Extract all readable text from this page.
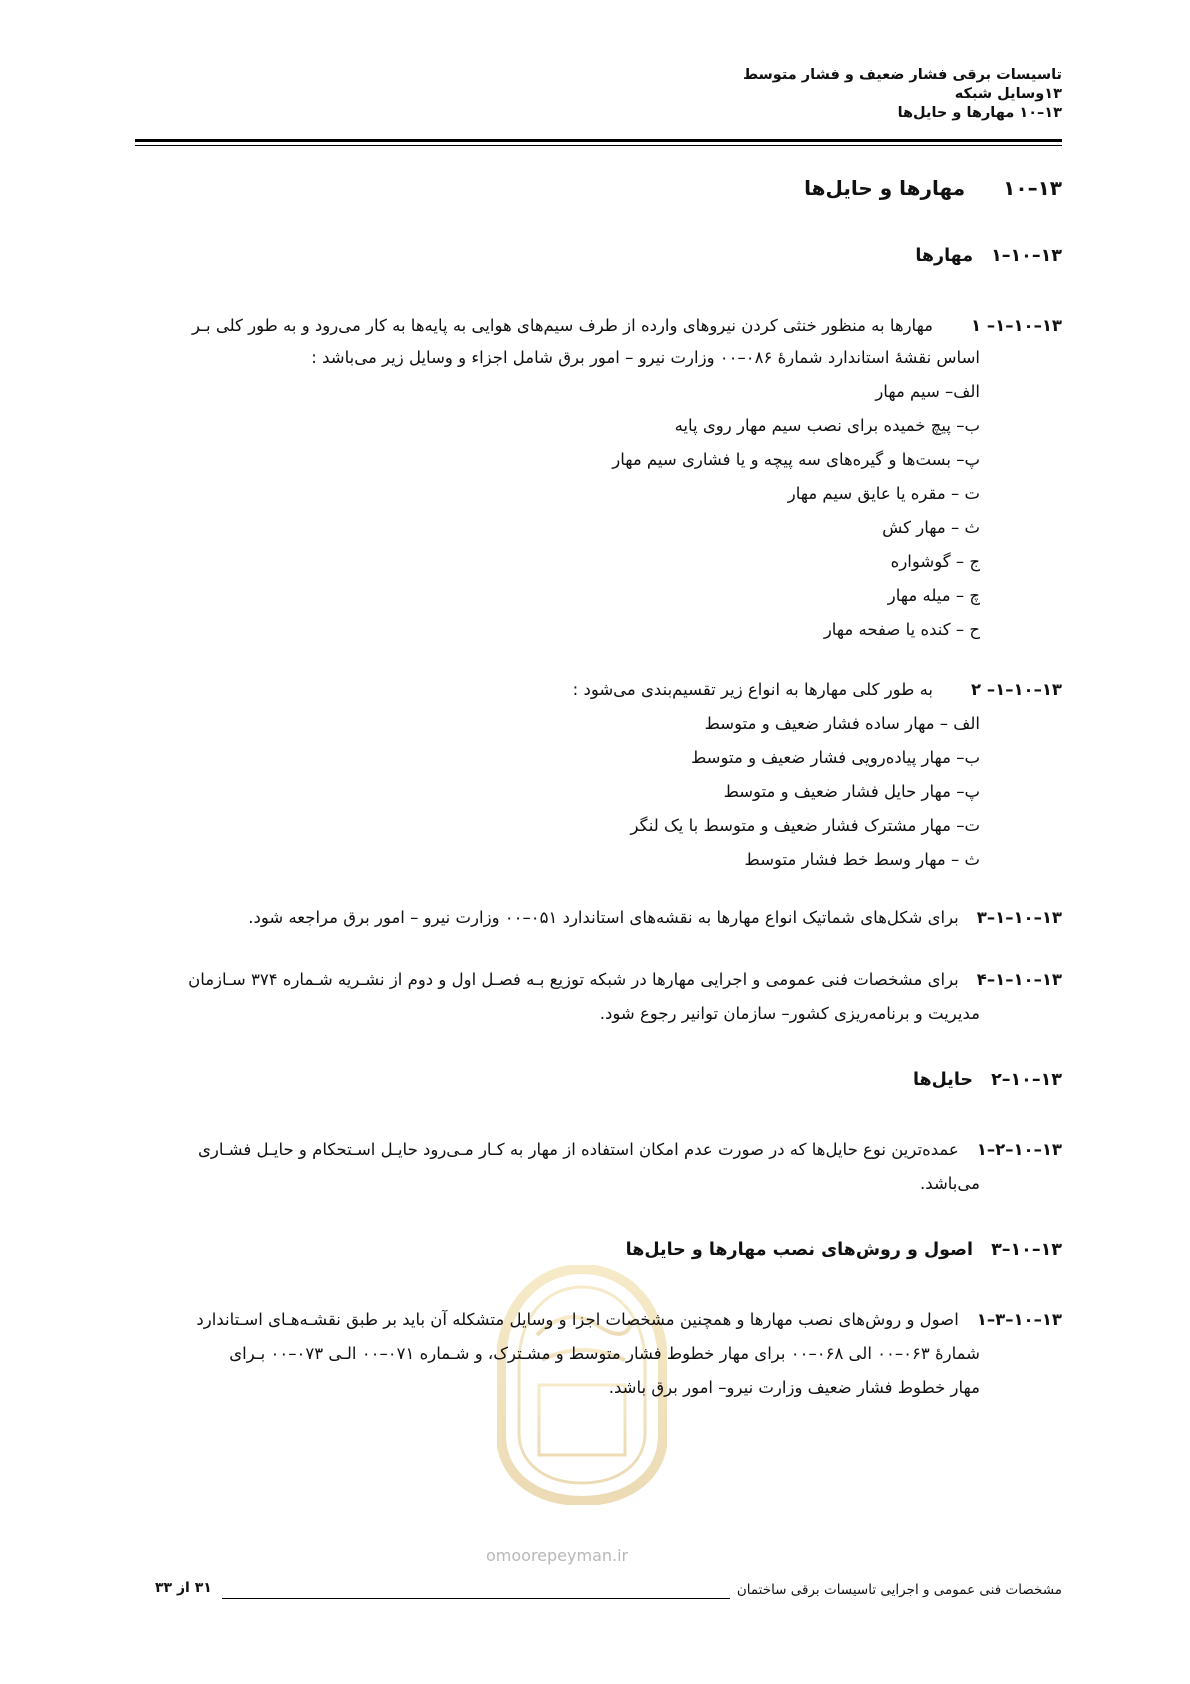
تاسیسات برقی فشار ضعیف و فشار متوسط
۱۳وسایل شبکه
۱۳–۱۰ مهارها و حایل‌ها
۱۳–۱۰مهارها و حایل‌ها
۱۳–۱۰–۱مهارها
۱۳–۱۰–۱– ۱مهارها به منظور خنثی کردن نیروهای وارده از طرف سیم‌های هوایی به پایه‌ها به کار می‌رود و به طور کلی بـر
اساس نقشهٔ استاندارد شمارهٔ ۰۸۶–۰۰ وزارت نیرو – امور برق شامل اجزاء و وسایل زیر می‌باشد :
الف– سیم مهار
ب– پیچ خمیده برای نصب سیم مهار روی پایه
پ– بست‌ها و گیره‌های سه پیچه و یا فشاری سیم مهار
ت – مقره یا عایق سیم مهار
ث – مهار کش
ج – گوشواره
چ – میله مهار
ح – کنده یا صفحه مهار
۱۳–۱۰–۱– ۲به طور کلی مهارها به انواع زیر تقسیم‌بندی می‌شود :
الف – مهار ساده فشار ضعیف و متوسط
ب– مهار پیاده‌رویی فشار ضعیف و متوسط
پ– مهار حایل فشار ضعیف و متوسط
ت– مهار مشترک فشار ضعیف و متوسط با یک لنگر
ث – مهار وسط خط فشار متوسط
۱۳–۱۰–۱–۳برای شکل‌های شماتیک انواع مهارها به نقشه‌های استاندارد ۰۵۱–۰۰ وزارت نیرو – امور برق مراجعه شود.
۱۳–۱۰–۱–۴برای مشخصات فنی عمومی و اجرایی مهارها در شبکه توزیع بـه فصـل اول و دوم از نشـریه شـماره ۳۷۴ سـازمان
مدیریت و برنامه‌ریزی کشور– سازمان توانیر رجوع شود.
۱۳–۱۰–۲حایل‌ها
۱۳–۱۰–۲–۱عمده‌ترین نوع حایل‌ها که در صورت عدم امکان استفاده از مهار به کـار مـی‌رود حایـل اسـتحکام و حایـل فشـاری
می‌باشد.
۱۳–۱۰–۳اصول و روش‌های نصب مهارها و حایل‌ها
۱۳–۱۰–۳–۱اصول و روش‌های نصب مهارها و همچنین مشخصات اجزا و وسایل متشکله آن باید بر طبق نقشـه‌هـای اسـتاندارد
شمارهٔ ۰۶۳–۰۰ الی ۰۶۸–۰۰ برای مهار خطوط فشار متوسط و مشـترک، و شـماره ۰۷۱–۰۰ الـی ۰۷۳–۰۰ بـرای
مهار خطوط فشار ضعیف وزارت نیرو– امور برق باشد.
omoorepeyman.ir
مشخصات فنی عمومی و اجرایی تاسیسات برقی ساختمان
۳۱ از ۳۳
